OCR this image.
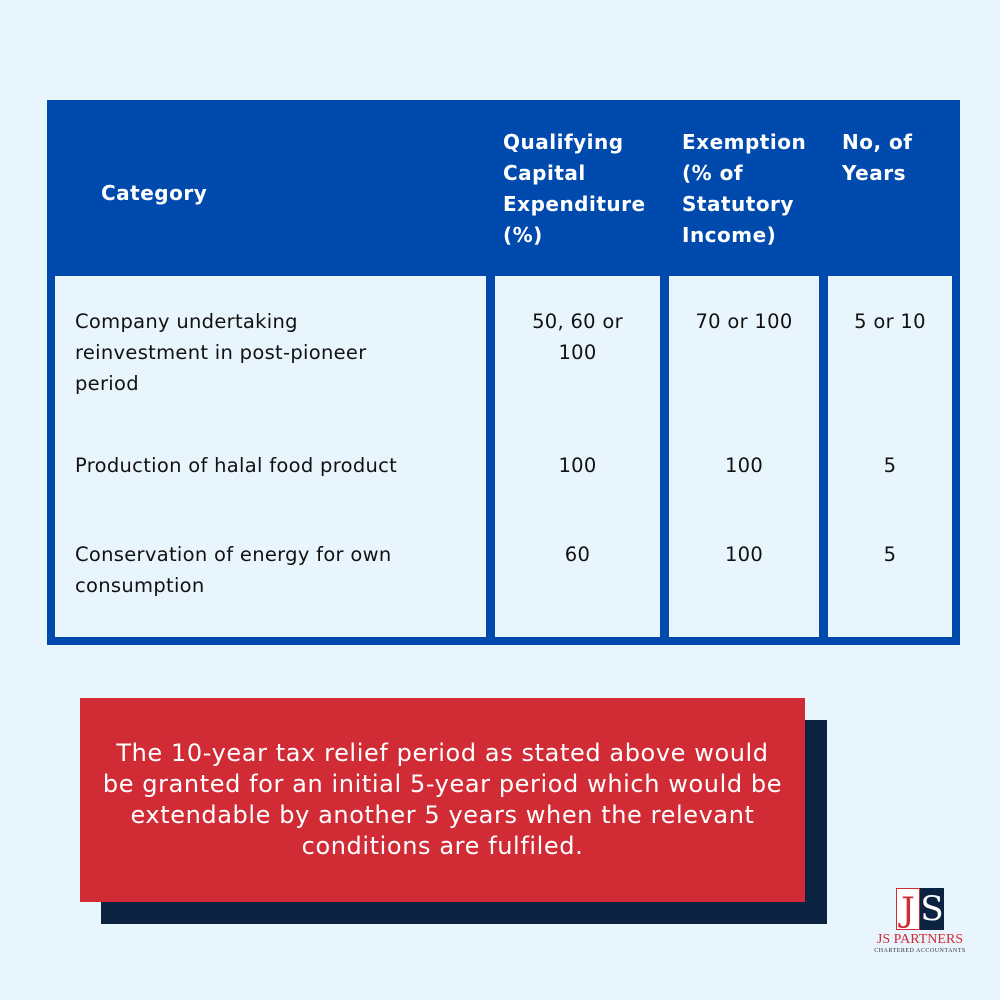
Category
Qualifying
Capital
Expenditure
(%)
Exemption
(% of
Statutory
Income)
No, of
Years
Company undertaking
reinvestment in post-pioneer
period
Production of halal food product
Conservation of energy for own
consumption
50, 60 or
100
100
60
70 or 100
100
100
5 or 10
5
5
The 10-year tax relief period as stated above would be granted for an initial 5-year period which would be extendable by another 5 years when the relevant conditions are fulfiled.
J S
JS PARTNERS
CHARTERED ACCOUNTANTS
